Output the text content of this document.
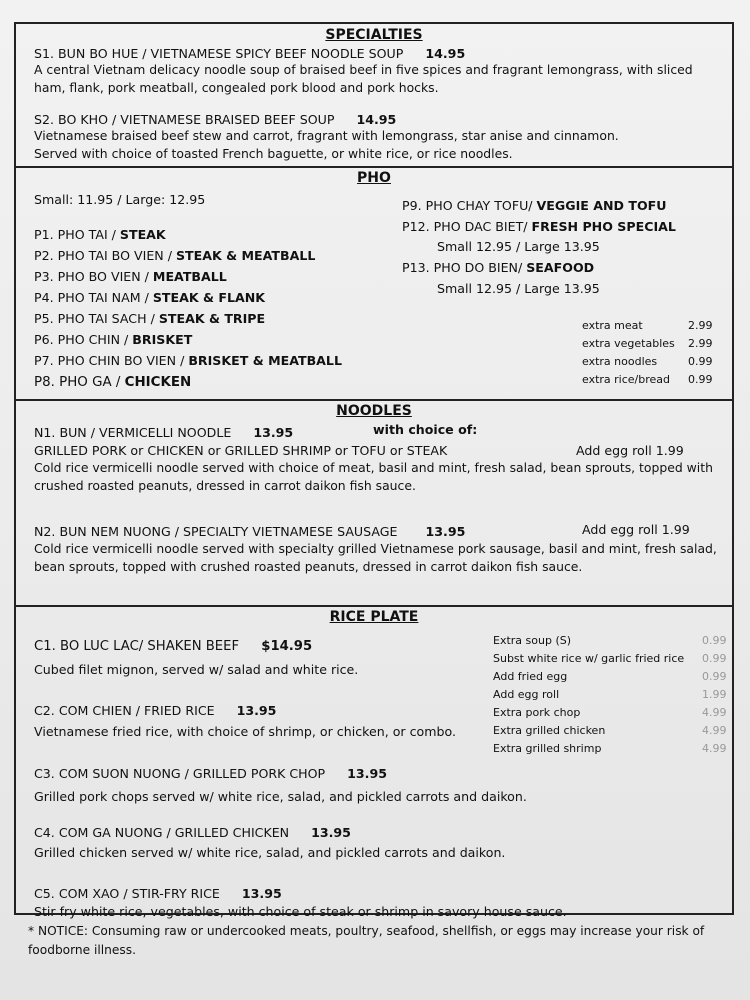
SPECIALTIES
S1. BUN BO HUE / VIETNAMESE SPICY BEEF NOODLE SOUP 14.95
A central Vietnam delicacy noodle soup of braised beef in five spices and fragrant lemongrass, with sliced
ham, flank, pork meatball, congealed pork blood and pork hocks.
S2. BO KHO / VIETNAMESE BRAISED BEEF SOUP 14.95
Vietnamese braised beef stew and carrot, fragrant with lemongrass, star anise and cinnamon.
Served with choice of toasted French baguette, or white rice, or rice noodles.
PHO
Small: 11.95 / Large: 12.95
P1. PHO TAI / STEAK
P2. PHO TAI BO VIEN / STEAK & MEATBALL
P3. PHO BO VIEN / MEATBALL
P4. PHO TAI NAM / STEAK & FLANK
P5. PHO TAI SACH / STEAK & TRIPE
P6. PHO CHIN / BRISKET
P7. PHO CHIN BO VIEN / BRISKET & MEATBALL
P8. PHO GA / CHICKEN
P9. PHO CHAY TOFU/ VEGGIE AND TOFU
P12. PHO DAC BIET/ FRESH PHO SPECIAL
Small 12.95 / Large 13.95
P13. PHO DO BIEN/ SEAFOOD
Small 12.95 / Large 13.95
extra meat	2.99
extra vegetables 2.99
extra noodles	0.99
extra rice/bread 0.99
NOODLES
N1. BUN / VERMICELLI NOODLE 13.95	with choice of:
GRILLED PORK or CHICKEN or GRILLED SHRIMP or TOFU or STEAK	Add egg roll 1.99
Cold rice vermicelli noodle served with choice of meat, basil and mint, fresh salad, bean sprouts, topped with
crushed roasted peanuts, dressed in carrot daikon fish sauce.
N2. BUN NEM NUONG / SPECIALTY VIETNAMESE SAUSAGE 13.95	Add egg roll 1.99
Cold rice vermicelli noodle served with specialty grilled Vietnamese pork sausage, basil and mint, fresh salad,
bean sprouts, topped with crushed roasted peanuts, dressed in carrot daikon fish sauce.
RICE PLATE
C1. BO LUC LAC/ SHAKEN BEEF $14.95
Cubed filet mignon, served w/ salad and white rice.
C2. COM CHIEN / FRIED RICE 13.95
Vietnamese fried rice, with choice of shrimp, or chicken, or combo.
C3. COM SUON NUONG / GRILLED PORK CHOP 13.95
Grilled pork chops served w/ white rice, salad, and pickled carrots and daikon.
C4. COM GA NUONG / GRILLED CHICKEN 13.95
Grilled chicken served w/ white rice, salad, and pickled carrots and daikon.
C5. COM XAO / STIR-FRY RICE 13.95
Stir fry white rice, vegetables, with choice of steak or shrimp in savory house sauce.
Extra soup (S)	0.99
Subst white rice w/ garlic fried rice 0.99
Add fried egg	0.99
Add egg roll	1.99
Extra pork chop	4.99
Extra grilled chicken	4.99
Extra grilled shrimp	4.99
* NOTICE: Consuming raw or undercooked meats, poultry, seafood, shellfish, or eggs may increase your risk of
foodborne illness.
